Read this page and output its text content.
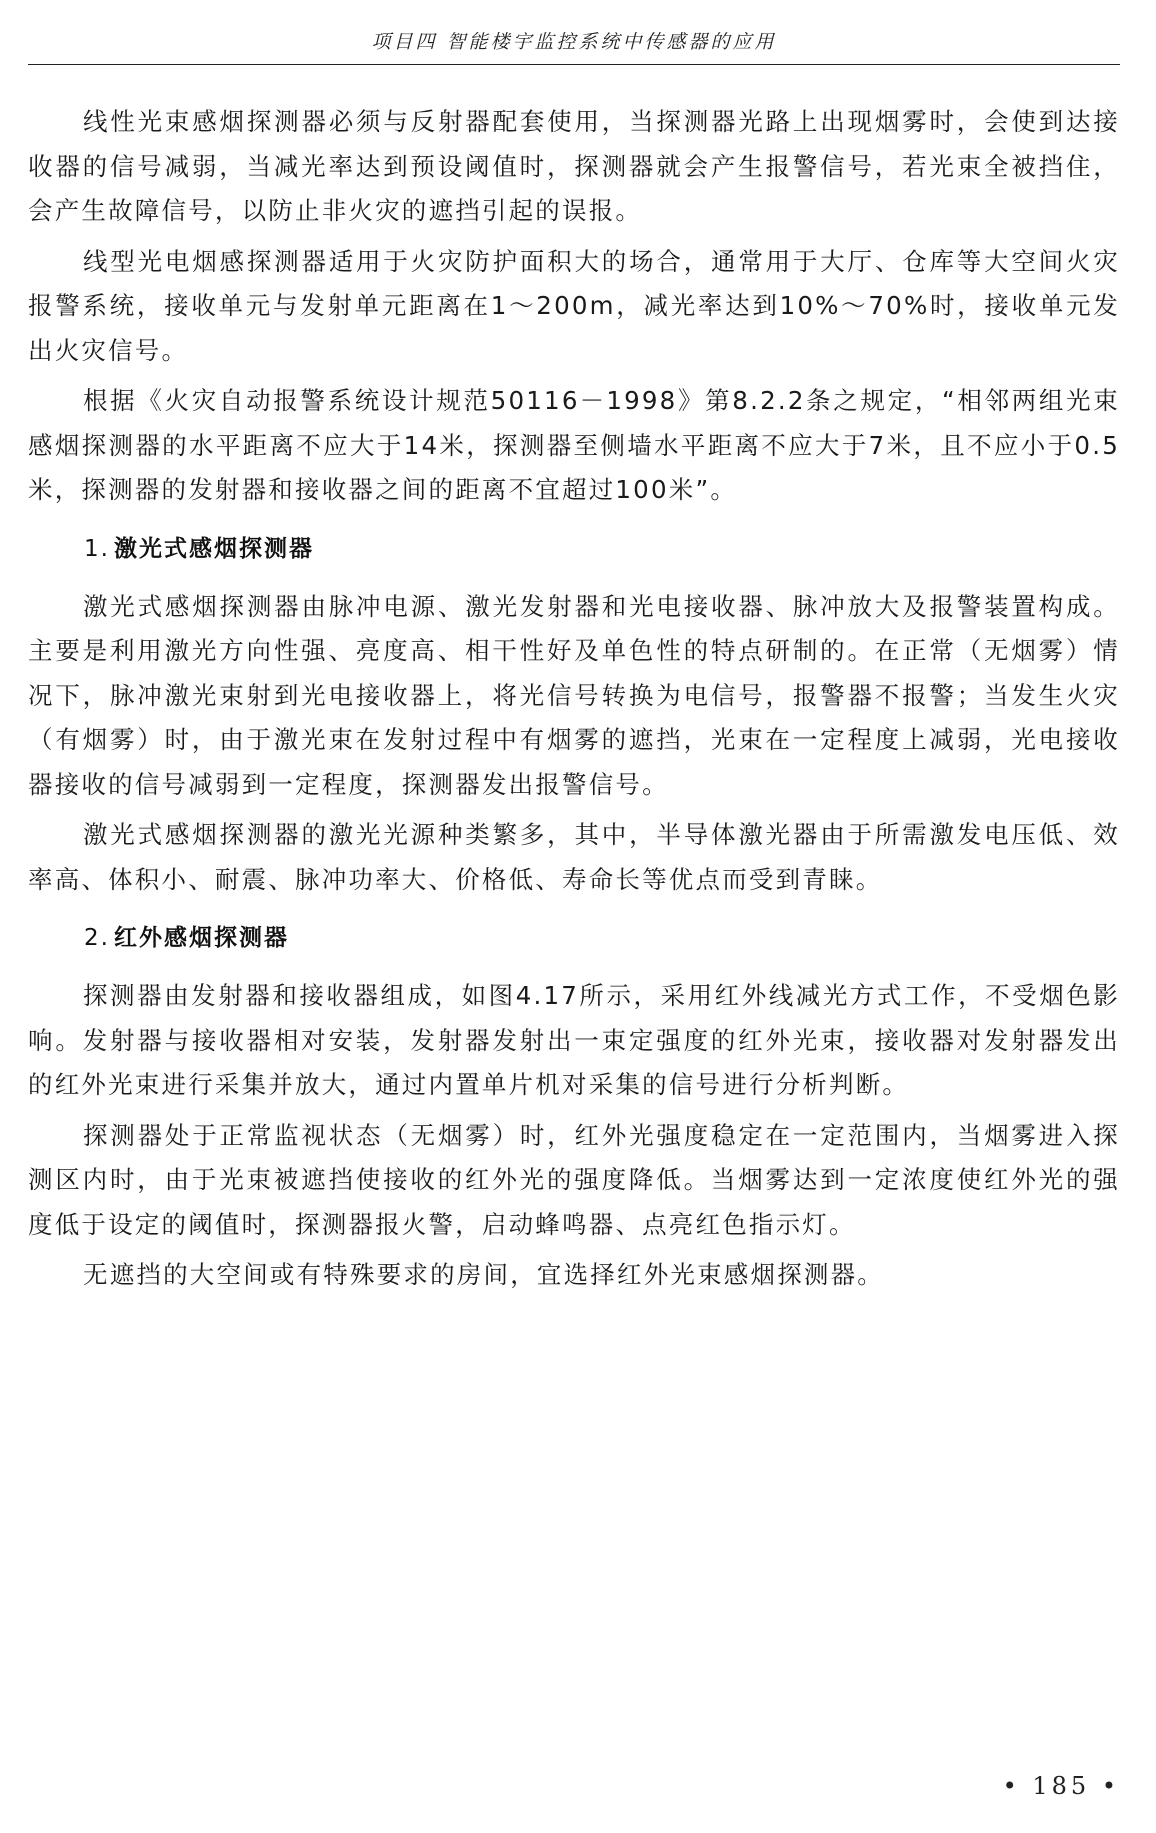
项目四 智能楼宇监控系统中传感器的应用

线性光束感烟探测器必须与反射器配套使用，当探测器光路上出现烟雾时，会使到达接收器的信号减弱，当减光率达到预设阈值时，探测器就会产生报警信号，若光束全被挡住，会产生故障信号，以防止非火灾的遮挡引起的误报。

线型光电烟感探测器适用于火灾防护面积大的场合，通常用于大厅、仓库等大空间火灾报警系统，接收单元与发射单元距离在1～200m，减光率达到10%～70%时，接收单元发出火灾信号。

根据《火灾自动报警系统设计规范50116－1998》第8.2.2条之规定，“相邻两组光束感烟探测器的水平距离不应大于14米，探测器至侧墙水平距离不应大于7米，且不应小于0.5米，探测器的发射器和接收器之间的距离不宜超过100米”。

1. 激光式感烟探测器

激光式感烟探测器由脉冲电源、激光发射器和光电接收器、脉冲放大及报警装置构成。主要是利用激光方向性强、亮度高、相干性好及单色性的特点研制的。在正常（无烟雾）情况下，脉冲激光束射到光电接收器上，将光信号转换为电信号，报警器不报警；当发生火灾（有烟雾）时，由于激光束在发射过程中有烟雾的遮挡，光束在一定程度上减弱，光电接收器接收的信号减弱到一定程度，探测器发出报警信号。

激光式感烟探测器的激光光源种类繁多，其中，半导体激光器由于所需激发电压低、效率高、体积小、耐震、脉冲功率大、价格低、寿命长等优点而受到青睐。

2. 红外感烟探测器

探测器由发射器和接收器组成，如图4.17所示，采用红外线减光方式工作，不受烟色影响。发射器与接收器相对安装，发射器发射出一束定强度的红外光束，接收器对发射器发出的红外光束进行采集并放大，通过内置单片机对采集的信号进行分析判断。

探测器处于正常监视状态（无烟雾）时，红外光强度稳定在一定范围内，当烟雾进入探测区内时，由于光束被遮挡使接收的红外光的强度降低。当烟雾达到一定浓度使红外光的强度低于设定的阈值时，探测器报火警，启动蜂鸣器、点亮红色指示灯。

无遮挡的大空间或有特殊要求的房间，宜选择红外光束感烟探测器。

• 185 •
